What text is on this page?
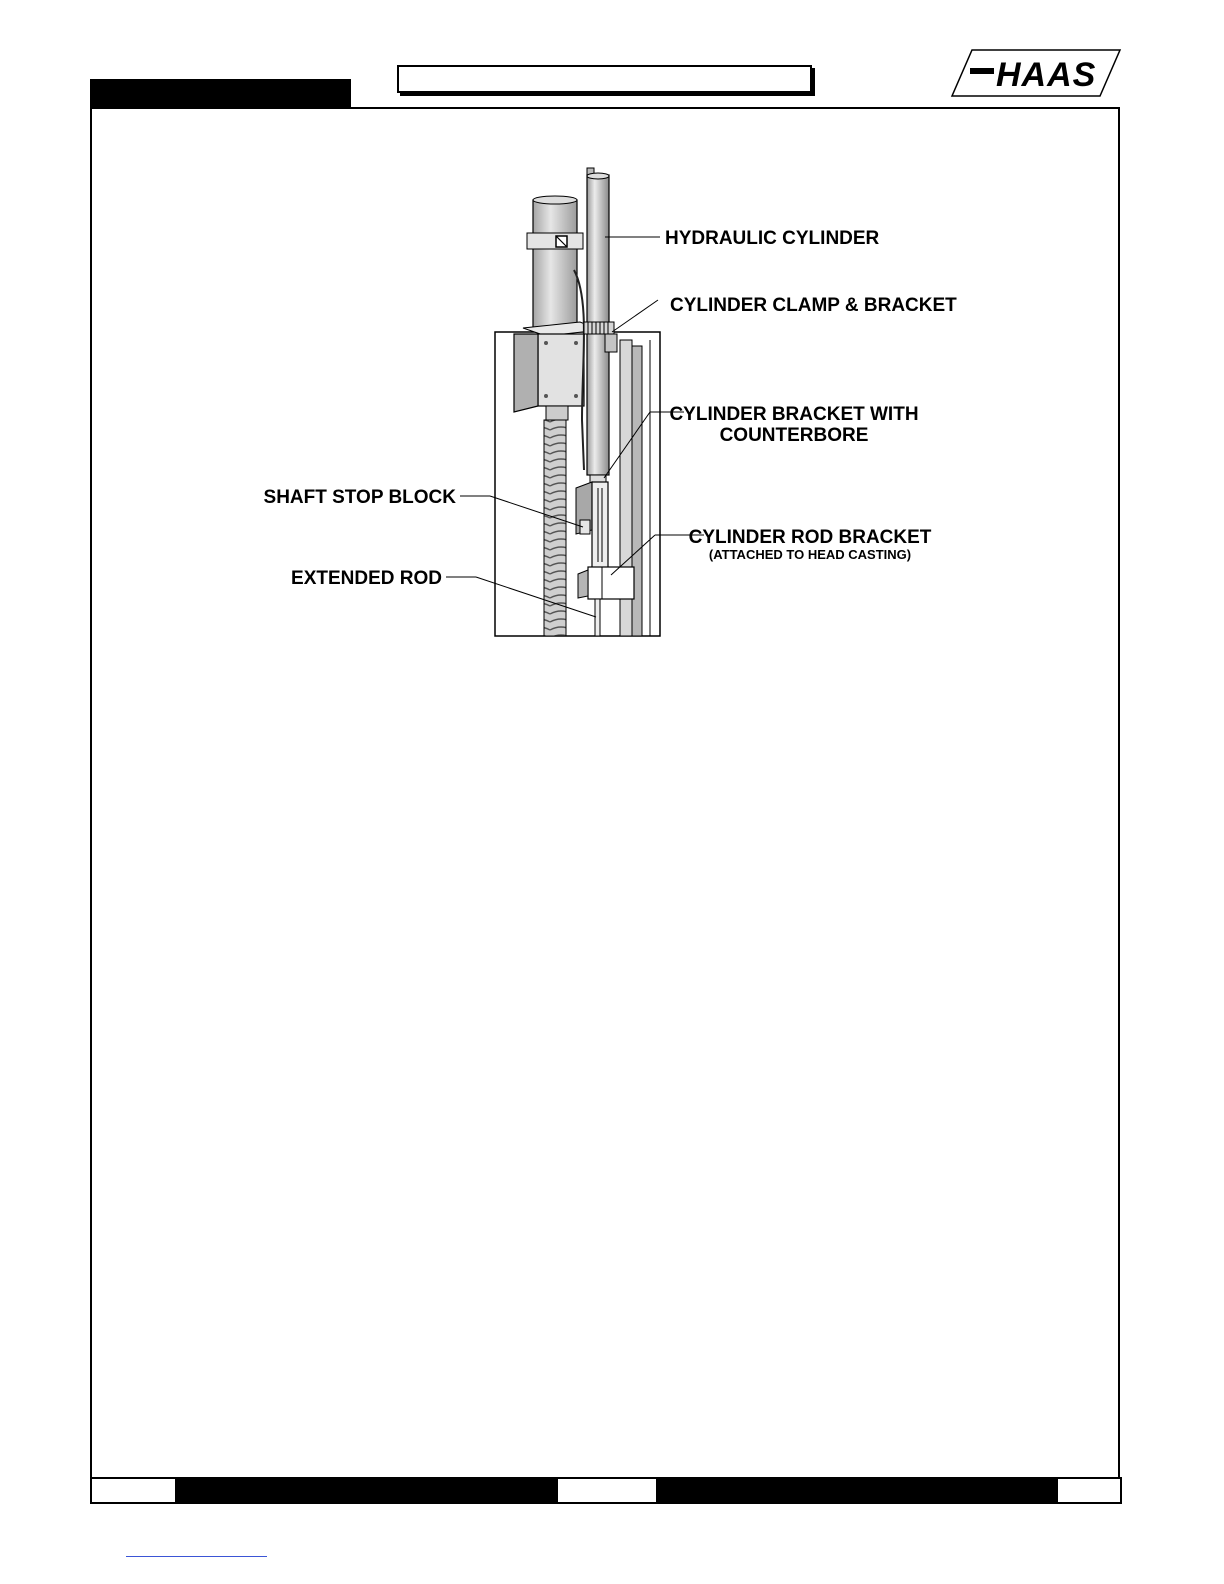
HAAS
HYDRAULIC CYLINDER
CYLINDER CLAMP & BRACKET
CYLINDER BRACKET WITH
COUNTERBORE
SHAFT STOP BLOCK
CYLINDER ROD BRACKET
(ATTACHED TO HEAD CASTING)
EXTENDED ROD
